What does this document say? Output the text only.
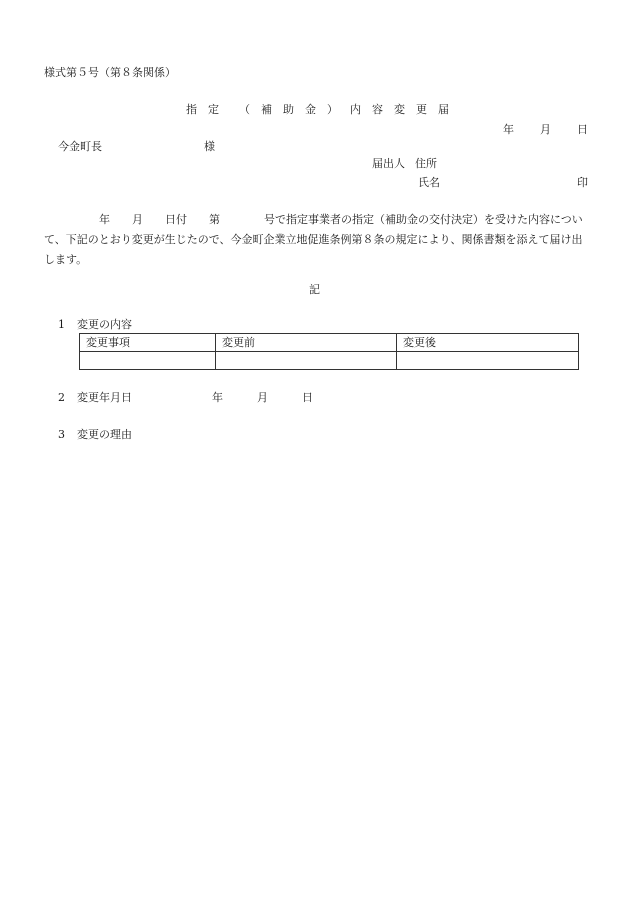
様式第５号（第８条関係）
指　定 （　補　助　金　） 内　容　変　更　届
年 月 日
今金町長	様
届出人 住所
氏名	印
　　　　　年　　月　　日付　　第　　　　号で指定事業者の指定（補助金の交付決定）を受けた内容について、下記のとおり変更が生じたので、今金町企業立地促進条例第８条の規定により、関係書類を添えて届け出します。
記
1 変更の内容
変更事項	変更前	変更後

2 変更年月日	年	月	日
3 変更の理由
